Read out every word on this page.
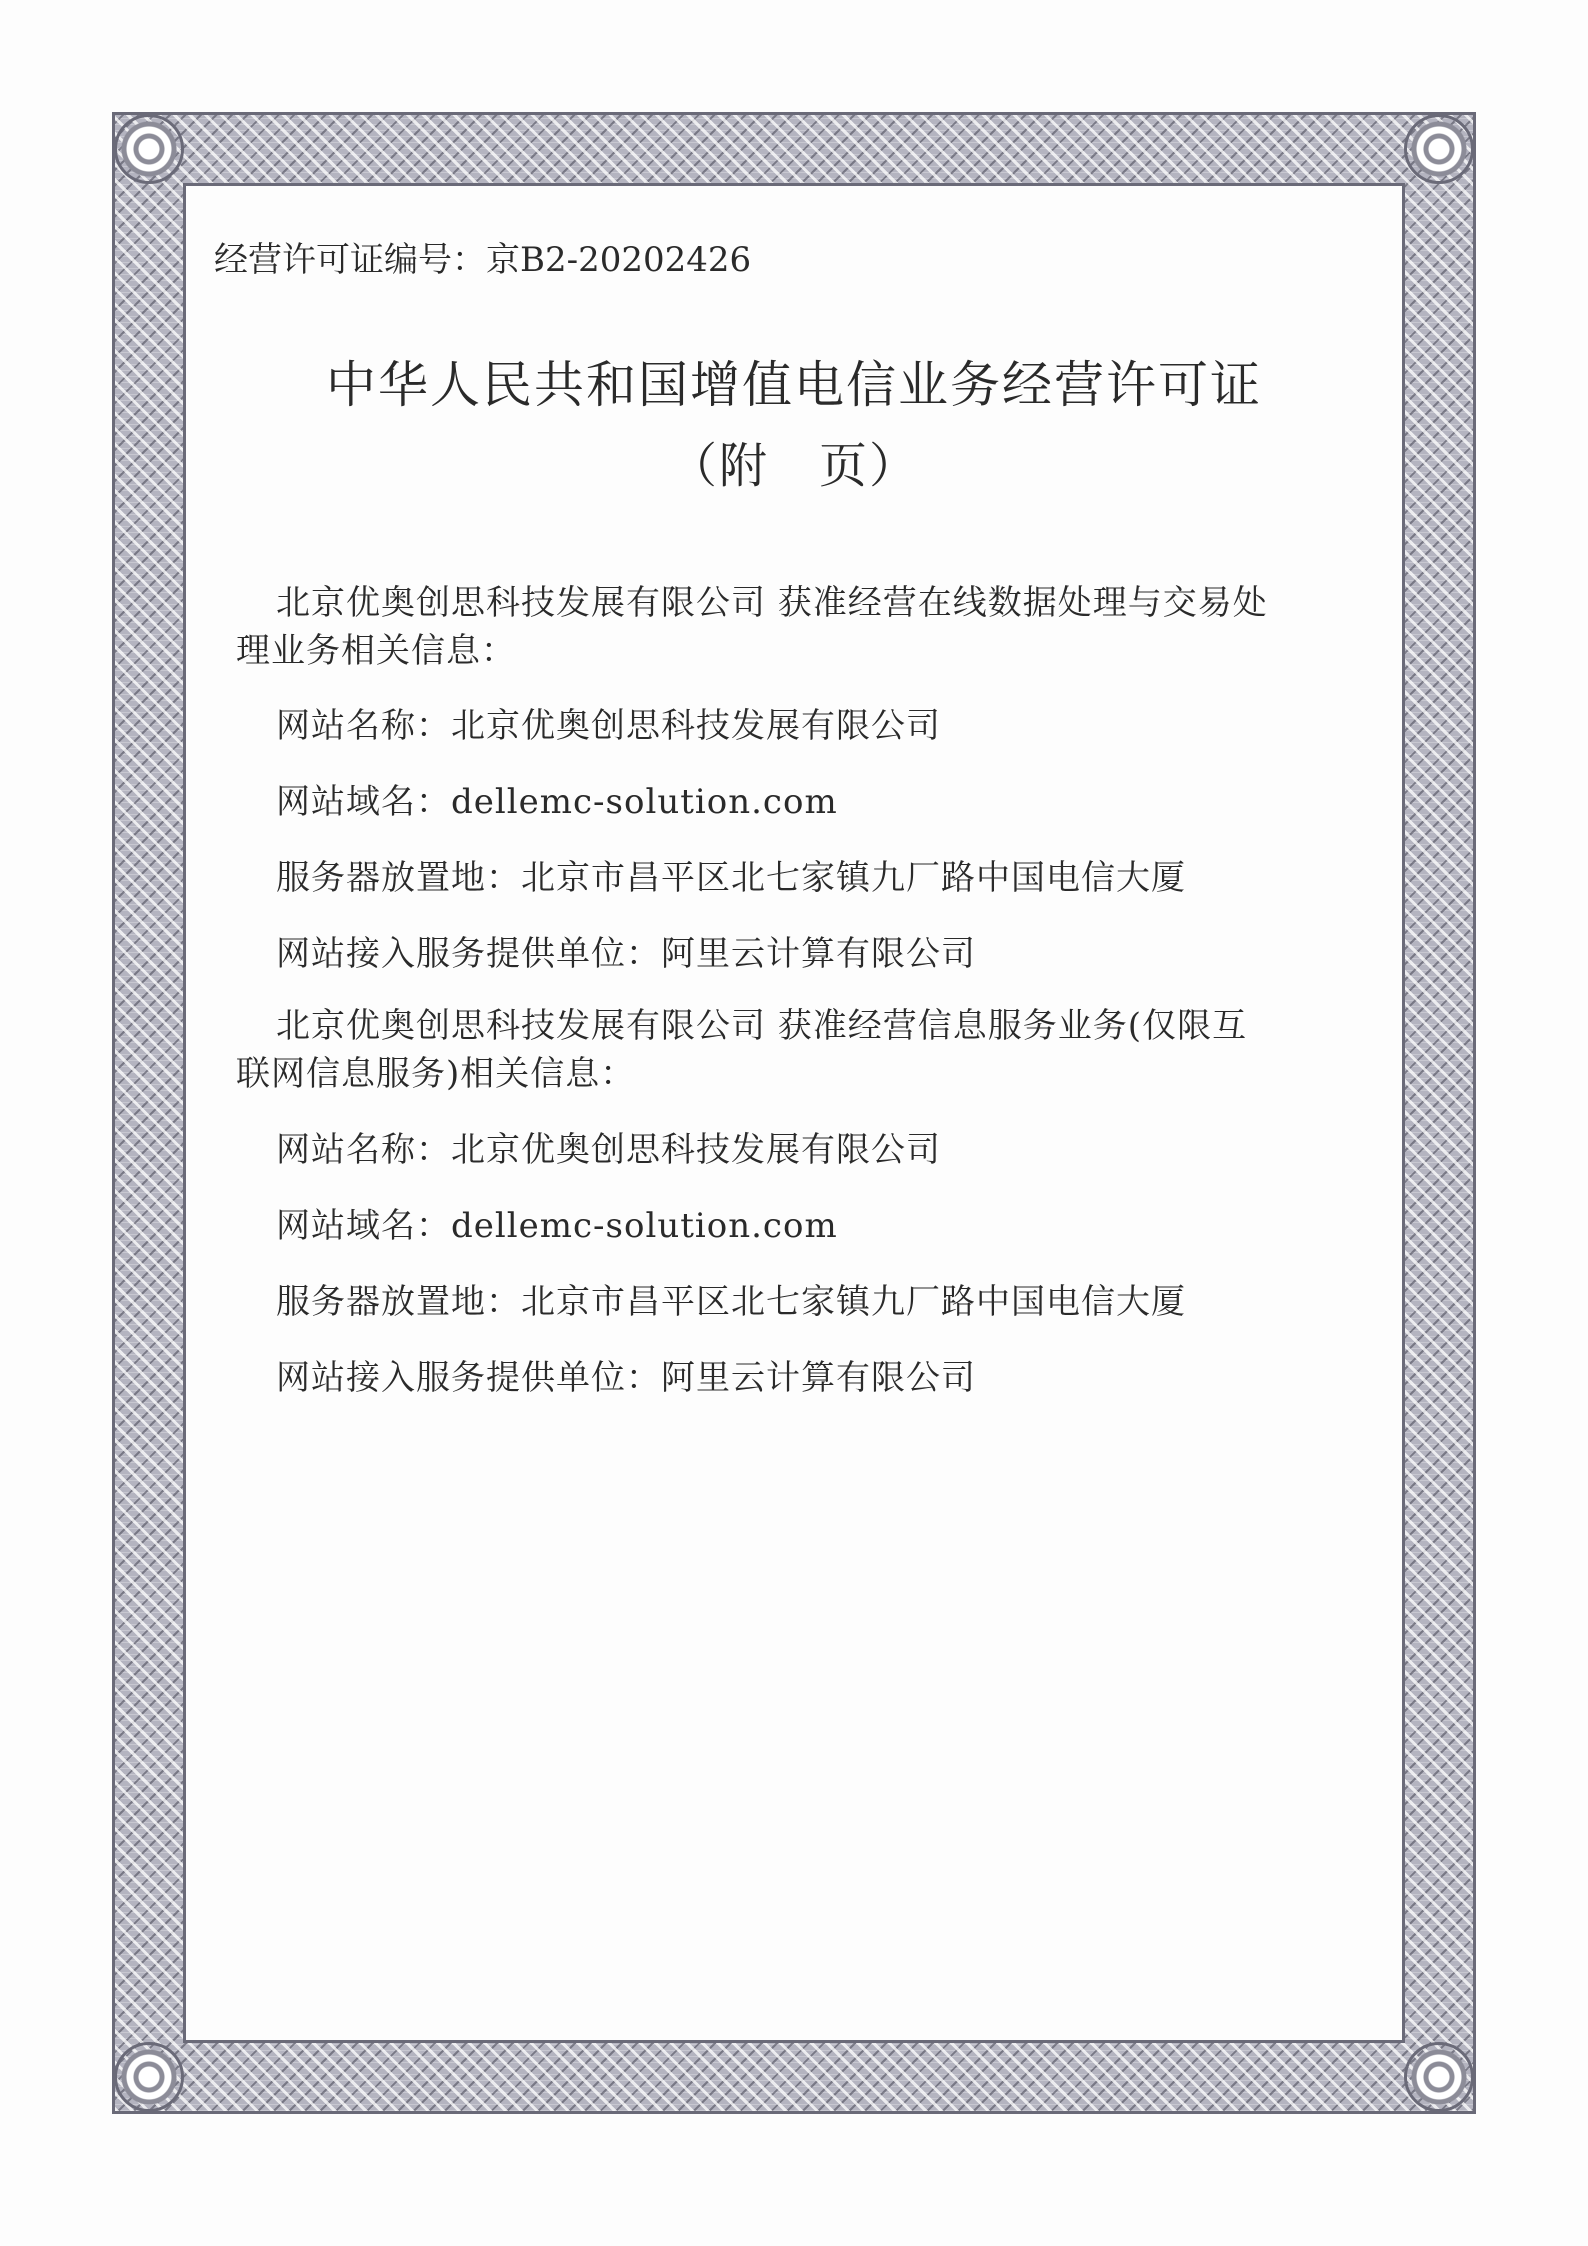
经营许可证编号：京B2-20202426
中华人民共和国增值电信业务经营许可证
（附　页）
北京优奥创思科技发展有限公司 获准经营在线数据处理与交易处
理业务相关信息：
网站名称：北京优奥创思科技发展有限公司
网站域名：dellemc-solution.com
服务器放置地：北京市昌平区北七家镇九厂路中国电信大厦
网站接入服务提供单位：阿里云计算有限公司
北京优奥创思科技发展有限公司 获准经营信息服务业务(仅限互
联网信息服务)相关信息：
网站名称：北京优奥创思科技发展有限公司
网站域名：dellemc-solution.com
服务器放置地：北京市昌平区北七家镇九厂路中国电信大厦
网站接入服务提供单位：阿里云计算有限公司
